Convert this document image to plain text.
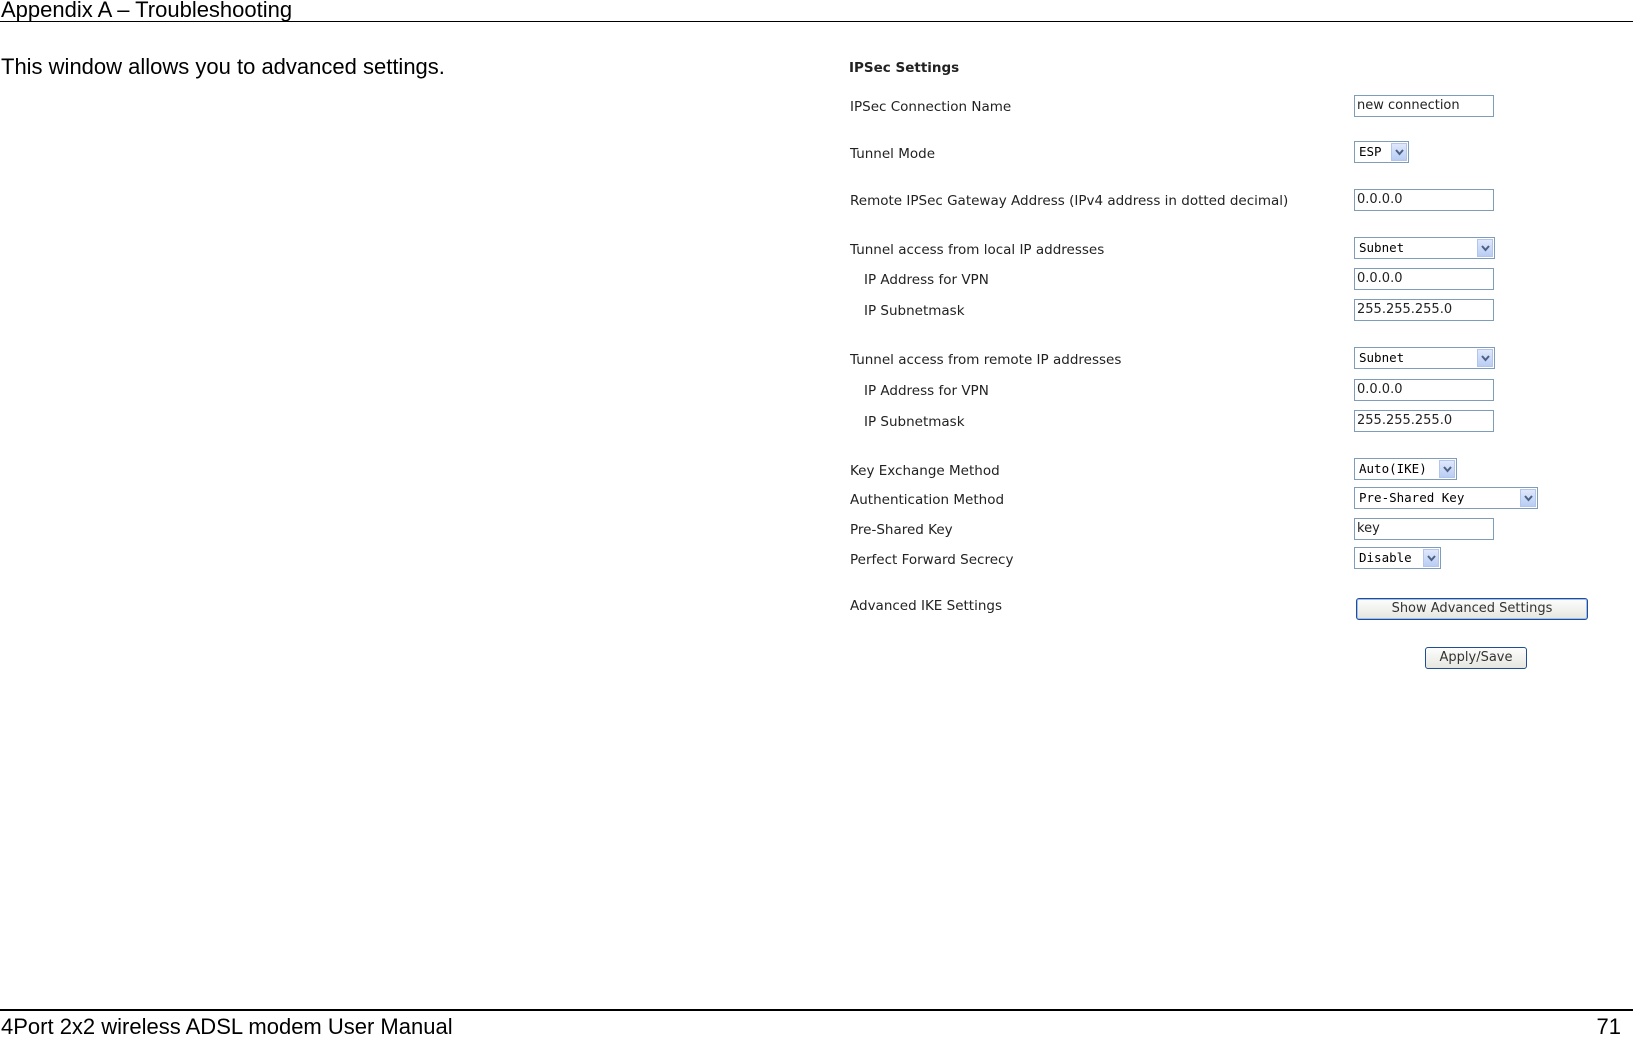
Appendix A – Troubleshooting
This window allows you to advanced settings.	IPSec Settings
IPSec Connection Name	new connection
Tunnel Mode	ESP
Remote IPSec Gateway Address (IPv4 address in dotted decimal)	0.0.0.0
Tunnel access from local IP addresses	Subnet
IP Address for VPN	0.0.0.0
IP Subnetmask	255.255.255.0
Tunnel access from remote IP addresses	Subnet
IP Address for VPN	0.0.0.0
IP Subnetmask	255.255.255.0
Key Exchange Method	Auto(IKE)
Authentication Method	Pre-Shared Key
Pre-Shared Key	key
Perfect Forward Secrecy	Disable
Advanced IKE Settings	Show Advanced Settings
Apply/Save
4Port 2x2 wireless ADSL modem User Manual	71
